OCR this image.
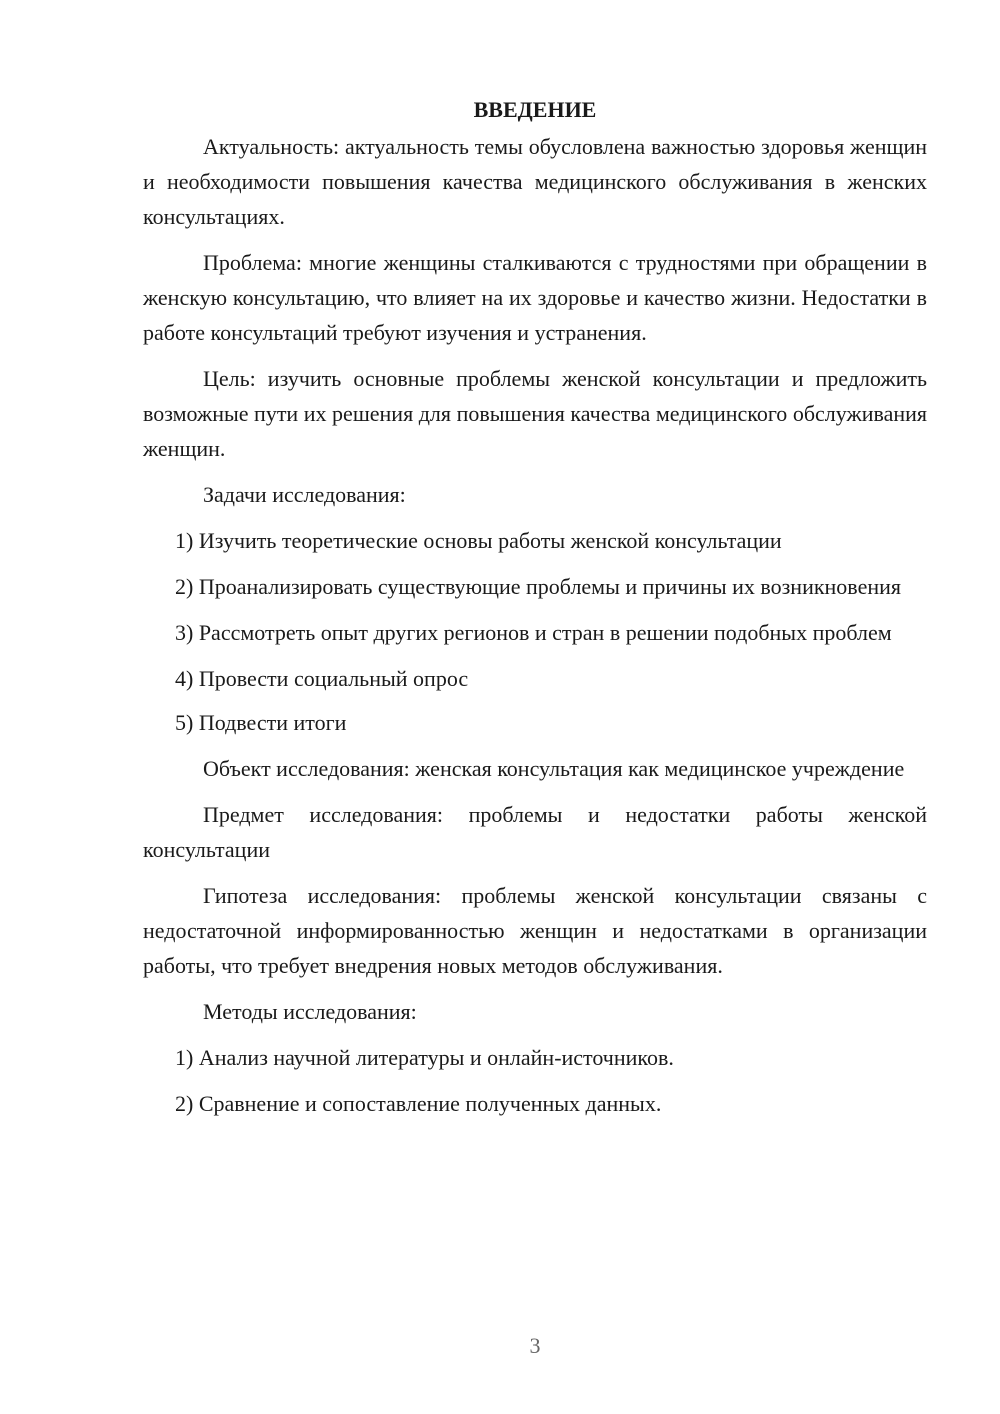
ВВЕДЕНИЕ

Актуальность: актуальность темы обусловлена важностью здоровья женщин и необходимости повышения качества медицинского обслуживания в женских консультациях.

Проблема: многие женщины сталкиваются с трудностями при обращении в женскую консультацию, что влияет на их здоровье и качество жизни. Недостатки в работе консультаций требуют изучения и устранения.

Цель: изучить основные проблемы женской консультации и предложить возможные пути их решения для повышения качества медицинского обслуживания женщин.

Задачи исследования:

1) Изучить теоретические основы работы женской консультации

2) Проанализировать существующие проблемы и причины их возникновения

3) Рассмотреть опыт других регионов и стран в решении подобных проблем

4) Провести социальный опрос

5) Подвести итоги

Объект исследования: женская консультация как медицинское учреждение

Предмет исследования: проблемы и недостатки работы женской консультации

Гипотеза исследования: проблемы женской консультации связаны с недостаточной информированностью женщин и недостатками в организации работы, что требует внедрения новых методов обслуживания.

Методы исследования:

1) Анализ научной литературы и онлайн-источников.

2) Сравнение и сопоставление полученных данных.

3
